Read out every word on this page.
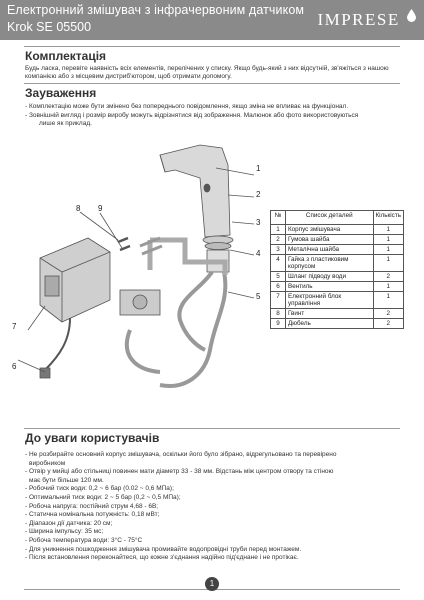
Електронний змішувач з інфрачервоним датчиком
Krok SE 05500	IMPRESE
Комплектація

Будь ласка, перевіте наявність всіх елементів, перелічених у списку. Якщо будь-який з них відсутній, зв'яжіться з нашою компанією або з місцевим дистриб'ютором, щоб отримати допомогу.

Зауваження
- Комплектацію може бути змінено без попереднього повідомлення, якщо зміна не впливає на функціонал.
- Зовнішній вигляд і розмір виробу можуть відрізнятися від зображення. Малюнок або фото використовуються
лише як приклад.
1
2
3
4
5
6
7
8 9
№	Список деталей	Кількість
1	Корпус змішувача	1
2	Гумова шайба	1
3	Металічна шайба	1
4	Гайка з пластиковим корпусом	1
5	Шланг підводу води	2
6	Вентиль	1
7	Електронний блок управління	1
8	Гвинт	2
9	Дюбель	2
До уваги користувачів
- Не розбирайте основний корпус змішувача, оскільки його було зібрано, відрегульовано та перевірено
виробником
- Отвір у мийці або стільниці повинен мати діаметр 33 - 38 мм. Відстань між центром отвору та стіною
має бути більше 120 мм.
- Робочий тиск води: 0,2 ~ 6 бар (0.02 ~ 0,6 МПа);
- Оптимальний тиск води: 2 ~ 5 бар (0,2 ~ 0,5 МПа);
- Робоча напруга: постійний струм 4,68 - 6В;
- Статична номінальна потужність: 0,18 мВт;
- Діапазон дії датчика: 20 см;
- Ширина імпульсу: 35 мс;
- Робоча температура води: 3°С - 75°С
- Для уникнення пошкодження змішувача промивайте водопровідні труби перед монтажем.
- Після встановлення переконайтеся, що кожне з'єднання надійно під'єднане і не протікає.
1
